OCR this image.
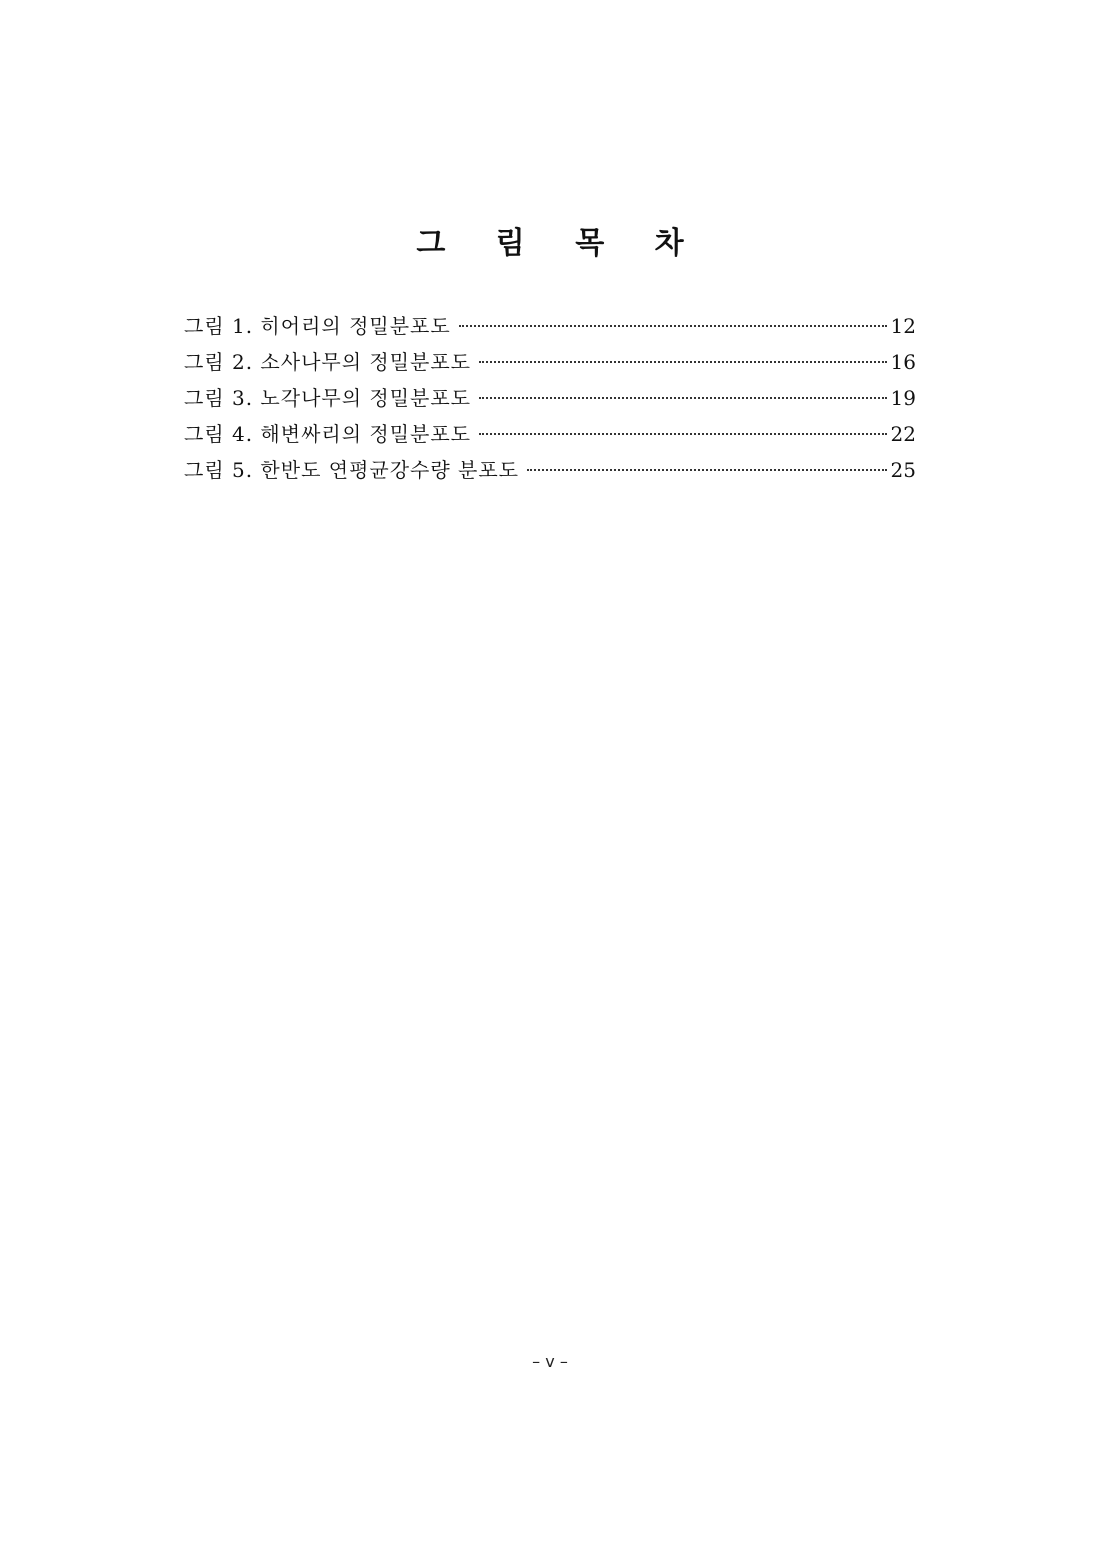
그 림 목 차
그림 1. 히어리의 정밀분포도	12
그림 2. 소사나무의 정밀분포도	16
그림 3. 노각나무의 정밀분포도	19
그림 4. 해변싸리의 정밀분포도	22
그림 5. 한반도 연평균강수량 분포도	25
– v –
